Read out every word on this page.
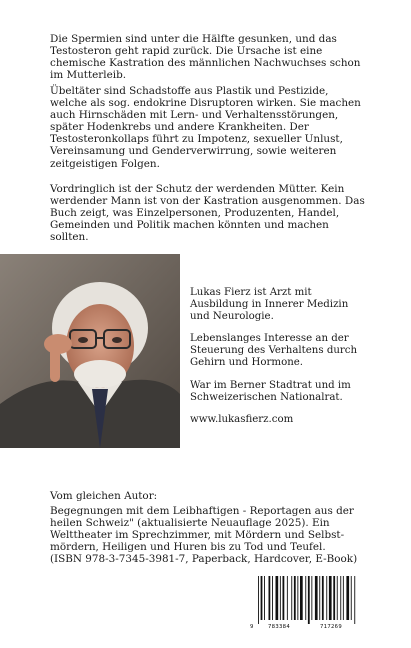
Die Spermien sind unter die Hälfte gesunken, und das
Testosteron geht rapid zurück. Die Ursache ist eine
chemische Kastration des männlichen Nachwuchses schon
im Mutterleib.

Übeltäter sind Schadstoffe aus Plastik und Pestizide,
welche als sog. endokrine Disruptoren wirken. Sie machen
auch Hirnschäden mit Lern- und Verhaltensstörungen,
später Hodenkrebs und andere Krankheiten. Der
Testosteronkollaps führt zu Impotenz, sexueller Unlust,
Vereinsamung und Genderverwirrung, sowie weiteren
zeitgeistigen Folgen.

Vordringlich ist der Schutz der werdenden Mütter. Kein
werdender Mann ist von der Kastration ausgenommen. Das
Buch zeigt, was Einzelpersonen, Produzenten, Handel,
Gemeinden und Politik machen könnten und machen
sollten.

Lukas Fierz ist Arzt mit
Ausbildung in Innerer Medizin
und Neurologie.

Lebenslanges Interesse an der
Steuerung des Verhaltens durch
Gehirn und Hormone.

War im Berner Stadtrat und im
Schweizerischen Nationalrat.

www.lukasfierz.com

Vom gleichen Autor:

Begegnungen mit dem Leibhaftigen - Reportagen aus der
heilen Schweiz" (aktualisierte Neuauflage 2025). Ein
Welttheater im Sprechzimmer, mit Mördern und Selbst-
mördern, Heiligen und Huren bis zu Tod und Teufel.
(ISBN 978-3-7345-3981-7, Paperback, Hardcover, E-Book)

9	783384	717269
